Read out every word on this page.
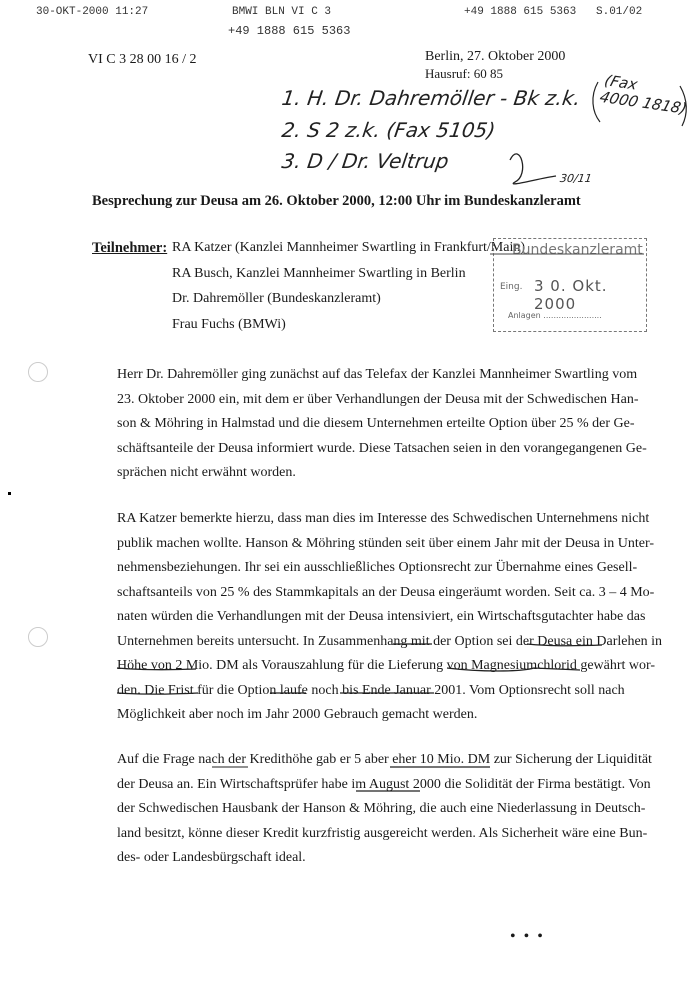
30-OKT-2000 11:27	BMWI BLN VI C 3	+49 1888 615 5363 S.01/02
+49 1888 615 5363
VI C 3 28 00 16 / 2	Berlin, 27. Oktober 2000
Hausruf: 60 85
1. H. Dr. Dahremöller - Bk z.k.
2. S 2 z.k. (Fax 5105)
3. D / Dr. Veltrup
(Fax
4000 1818)
30/11
Besprechung zur Deusa am 26. Oktober 2000, 12:00 Uhr im Bundeskanzleramt
Teilnehmer: RA Katzer (Kanzlei Mannheimer Swartling in Frankfurt/Main)
RA Busch, Kanzlei Mannheimer Swartling in Berlin
Dr. Dahremöller (Bundeskanzleramt)
Frau Fuchs (BMWi)
Bundeskanzleramt
Eing. 3 0. Okt. 2000
Anlagen .......................
Herr Dr. Dahremöller ging zunächst auf das Telefax der Kanzlei Mannheimer Swartling vom
23. Oktober 2000 ein, mit dem er über Verhandlungen der Deusa mit der Schwedischen Han-
son & Möhring in Halmstad und die diesem Unternehmen erteilte Option über 25 % der Ge-
schäftsanteile der Deusa informiert wurde. Diese Tatsachen seien in den vorangegangenen Ge-
sprächen nicht erwähnt worden.
RA Katzer bemerkte hierzu, dass man dies im Interesse des Schwedischen Unternehmens nicht
publik machen wollte. Hanson & Möhring stünden seit über einem Jahr mit der Deusa in Unter-
nehmensbeziehungen. Ihr sei ein ausschließliches Optionsrecht zur Übernahme eines Gesell-
schaftsanteils von 25 % des Stammkapitals an der Deusa eingeräumt worden. Seit ca. 3 – 4 Mo-
naten würden die Verhandlungen mit der Deusa intensiviert, ein Wirtschaftsgutachter habe das
Unternehmen bereits untersucht. In Zusammenhang mit der Option sei der Deusa ein Darlehen in
Höhe von 2 Mio. DM als Vorauszahlung für die Lieferung von Magnesiumchlorid gewährt wor-
den. Die Frist für die Option laufe noch bis Ende Januar 2001. Vom Optionsrecht soll nach
Möglichkeit aber noch im Jahr 2000 Gebrauch gemacht werden.
Auf die Frage nach der Kredithöhe gab er 5 aber eher 10 Mio. DM zur Sicherung der Liquidität
der Deusa an. Ein Wirtschaftsprüfer habe im August 2000 die Solidität der Firma bestätigt. Von
der Schwedischen Hausbank der Hanson & Möhring, die auch eine Niederlassung in Deutsch-
land besitzt, könne dieser Kredit kurzfristig ausgereicht werden. Als Sicherheit wäre eine Bun-
des- oder Landesbürgschaft ideal.
• • •
